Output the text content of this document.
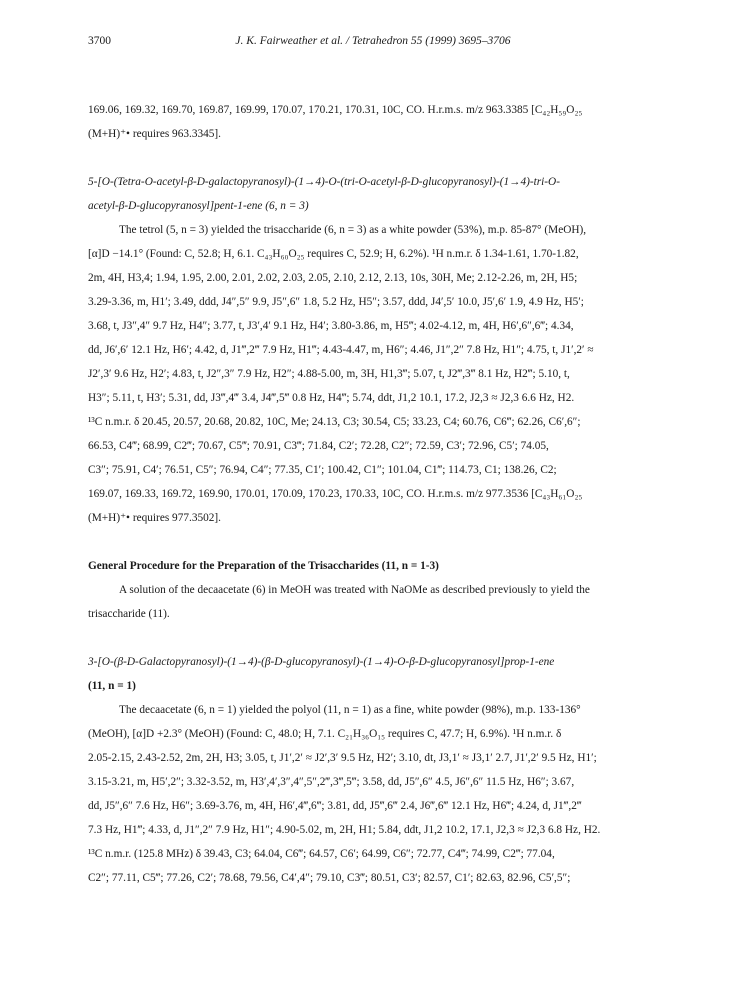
3700	J. K. Fairweather et al. / Tetrahedron 55 (1999) 3695–3706

169.06, 169.32, 169.70, 169.87, 169.99, 170.07, 170.21, 170.31, 10C, CO. H.r.m.s. m/z 963.3385 [C₄₂H₅₉O₂₅

(M+H)⁺• requires 963.3345].

5-[O-(Tetra-O-acetyl-β-D-galactopyranosyl)-(1→4)-O-(tri-O-acetyl-β-D-glucopyranosyl)-(1→4)-tri-O-

acetyl-β-D-glucopyranosyl]pent-1-ene (6, n = 3)

The tetrol (5, n = 3) yielded the trisaccharide (6, n = 3) as a white powder (53%), m.p. 85-87° (MeOH),

[α]D −14.1° (Found: C, 52.8; H, 6.1. C₄₃H₆₀O₂₅ requires C, 52.9; H, 6.2%). ¹H n.m.r. δ 1.34-1.61, 1.70-1.82,

2m, 4H, H3,4; 1.94, 1.95, 2.00, 2.01, 2.02, 2.03, 2.05, 2.10, 2.12, 2.13, 10s, 30H, Me; 2.12-2.26, m, 2H, H5;

3.29-3.36, m, H1′; 3.49, ddd, J4″,5″ 9.9, J5″,6″ 1.8, 5.2 Hz, H5″; 3.57, ddd, J4′,5′ 10.0, J5′,6′ 1.9, 4.9 Hz, H5′;

3.68, t, J3″,4″ 9.7 Hz, H4″; 3.77, t, J3′,4′ 9.1 Hz, H4′; 3.80-3.86, m, H5‴; 4.02-4.12, m, 4H, H6′,6″,6‴; 4.34,

dd, J6′,6′ 12.1 Hz, H6′; 4.42, d, J1‴,2‴ 7.9 Hz, H1‴; 4.43-4.47, m, H6″; 4.46, J1″,2″ 7.8 Hz, H1″; 4.75, t, J1′,2′ ≈

J2′,3′ 9.6 Hz, H2′; 4.83, t, J2″,3″ 7.9 Hz, H2″; 4.88-5.00, m, 3H, H1,3‴; 5.07, t, J2‴,3‴ 8.1 Hz, H2‴; 5.10, t,

H3″; 5.11, t, H3′; 5.31, dd, J3‴,4‴ 3.4, J4‴,5‴ 0.8 Hz, H4‴; 5.74, ddt, J1,2 10.1, 17.2, J2,3 ≈ J2,3 6.6 Hz, H2.

¹³C n.m.r. δ 20.45, 20.57, 20.68, 20.82, 10C, Me; 24.13, C3; 30.54, C5; 33.23, C4; 60.76, C6‴; 62.26, C6′,6″;

66.53, C4‴; 68.99, C2‴; 70.67, C5‴; 70.91, C3‴; 71.84, C2′; 72.28, C2″; 72.59, C3′; 72.96, C5′; 74.05,

C3″; 75.91, C4′; 76.51, C5″; 76.94, C4″; 77.35, C1′; 100.42, C1″; 101.04, C1‴; 114.73, C1; 138.26, C2;

169.07, 169.33, 169.72, 169.90, 170.01, 170.09, 170.23, 170.33, 10C, CO. H.r.m.s. m/z 977.3536 [C₄₃H₆₁O₂₅

(M+H)⁺• requires 977.3502].

General Procedure for the Preparation of the Trisaccharides (11, n = 1-3)

A solution of the decaacetate (6) in MeOH was treated with NaOMe as described previously to yield the

trisaccharide (11).

3-[O-(β-D-Galactopyranosyl)-(1→4)-(β-D-glucopyranosyl)-(1→4)-O-β-D-glucopyranosyl]prop-1-ene

(11, n = 1)

The decaacetate (6, n = 1) yielded the polyol (11, n = 1) as a fine, white powder (98%), m.p. 133-136°

(MeOH), [α]D +2.3° (MeOH) (Found: C, 48.0; H, 7.1. C₂₁H₃₆O₁₅ requires C, 47.7; H, 6.9%). ¹H n.m.r. δ

2.05-2.15, 2.43-2.52, 2m, 2H, H3; 3.05, t, J1′,2′ ≈ J2′,3′ 9.5 Hz, H2′; 3.10, dt, J3,1′ ≈ J3,1′ 2.7, J1′,2′ 9.5 Hz, H1′;

3.15-3.21, m, H5′,2″; 3.32-3.52, m, H3′,4′,3″,4″,5″,2‴,3‴,5‴; 3.58, dd, J5″,6″ 4.5, J6″,6″ 11.5 Hz, H6″; 3.67,

dd, J5″,6″ 7.6 Hz, H6″; 3.69-3.76, m, 4H, H6′,4‴,6‴; 3.81, dd, J5‴,6‴ 2.4, J6‴,6‴ 12.1 Hz, H6‴; 4.24, d, J1‴,2‴

7.3 Hz, H1‴; 4.33, d, J1″,2″ 7.9 Hz, H1″; 4.90-5.02, m, 2H, H1; 5.84, ddt, J1,2 10.2, 17.1, J2,3 ≈ J2,3 6.8 Hz, H2.

¹³C n.m.r. (125.8 MHz) δ 39.43, C3; 64.04, C6‴; 64.57, C6′; 64.99, C6″; 72.77, C4‴; 74.99, C2‴; 77.04,

C2″; 77.11, C5‴; 77.26, C2′; 78.68, 79.56, C4′,4″; 79.10, C3‴; 80.51, C3′; 82.57, C1′; 82.63, 82.96, C5′,5″;
